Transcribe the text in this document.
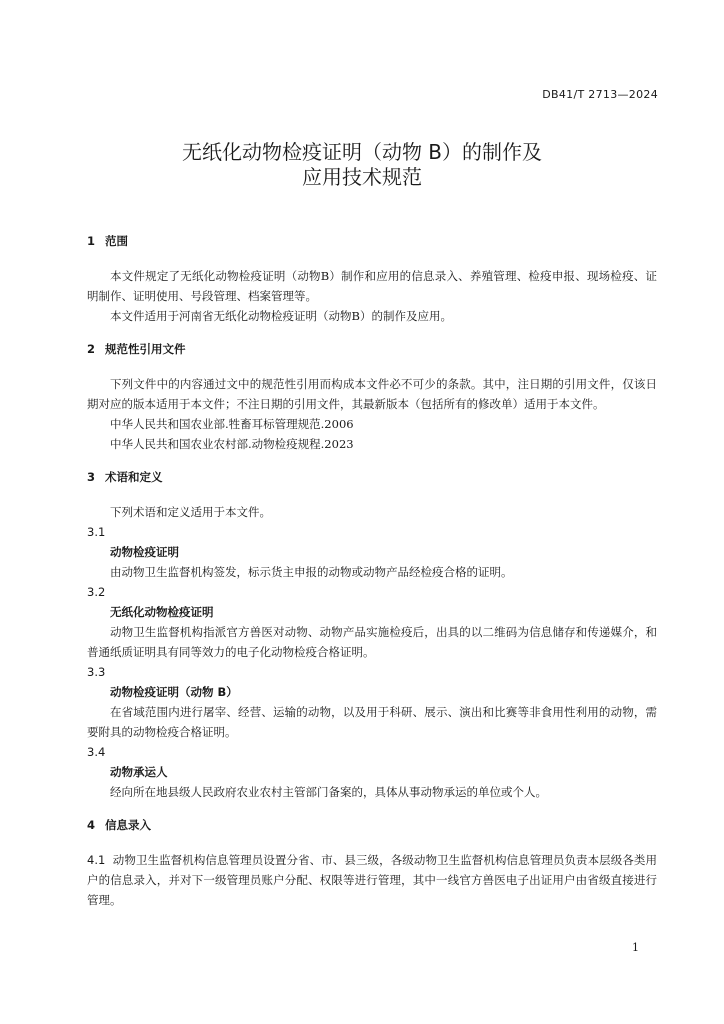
DB41/T 2713—2024
无纸化动物检疫证明（动物 B）的制作及
应用技术规范
1 范围
本文件规定了无纸化动物检疫证明（动物B）制作和应用的信息录入、养殖管理、检疫申报、现场检疫、证明制作、证明使用、号段管理、档案管理等。
本文件适用于河南省无纸化动物检疫证明（动物B）的制作及应用。
2 规范性引用文件
下列文件中的内容通过文中的规范性引用而构成本文件必不可少的条款。其中，注日期的引用文件，仅该日期对应的版本适用于本文件；不注日期的引用文件，其最新版本（包括所有的修改单）适用于本文件。
中华人民共和国农业部.牲畜耳标管理规范.2006
中华人民共和国农业农村部.动物检疫规程.2023
3 术语和定义
下列术语和定义适用于本文件。
3.1
动物检疫证明
由动物卫生监督机构签发，标示货主申报的动物或动物产品经检疫合格的证明。
3.2
无纸化动物检疫证明
动物卫生监督机构指派官方兽医对动物、动物产品实施检疫后，出具的以二维码为信息储存和传递媒介，和普通纸质证明具有同等效力的电子化动物检疫合格证明。
3.3
动物检疫证明（动物 B）
在省域范围内进行屠宰、经营、运输的动物，以及用于科研、展示、演出和比赛等非食用性利用的动物，需要附具的动物检疫合格证明。
3.4
动物承运人
经向所在地县级人民政府农业农村主管部门备案的，具体从事动物承运的单位或个人。
4 信息录入
4.1 动物卫生监督机构信息管理员设置分省、市、县三级，各级动物卫生监督机构信息管理员负责本层级各类用户的信息录入，并对下一级管理员账户分配、权限等进行管理，其中一线官方兽医电子出证用户由省级直接进行管理。
1
